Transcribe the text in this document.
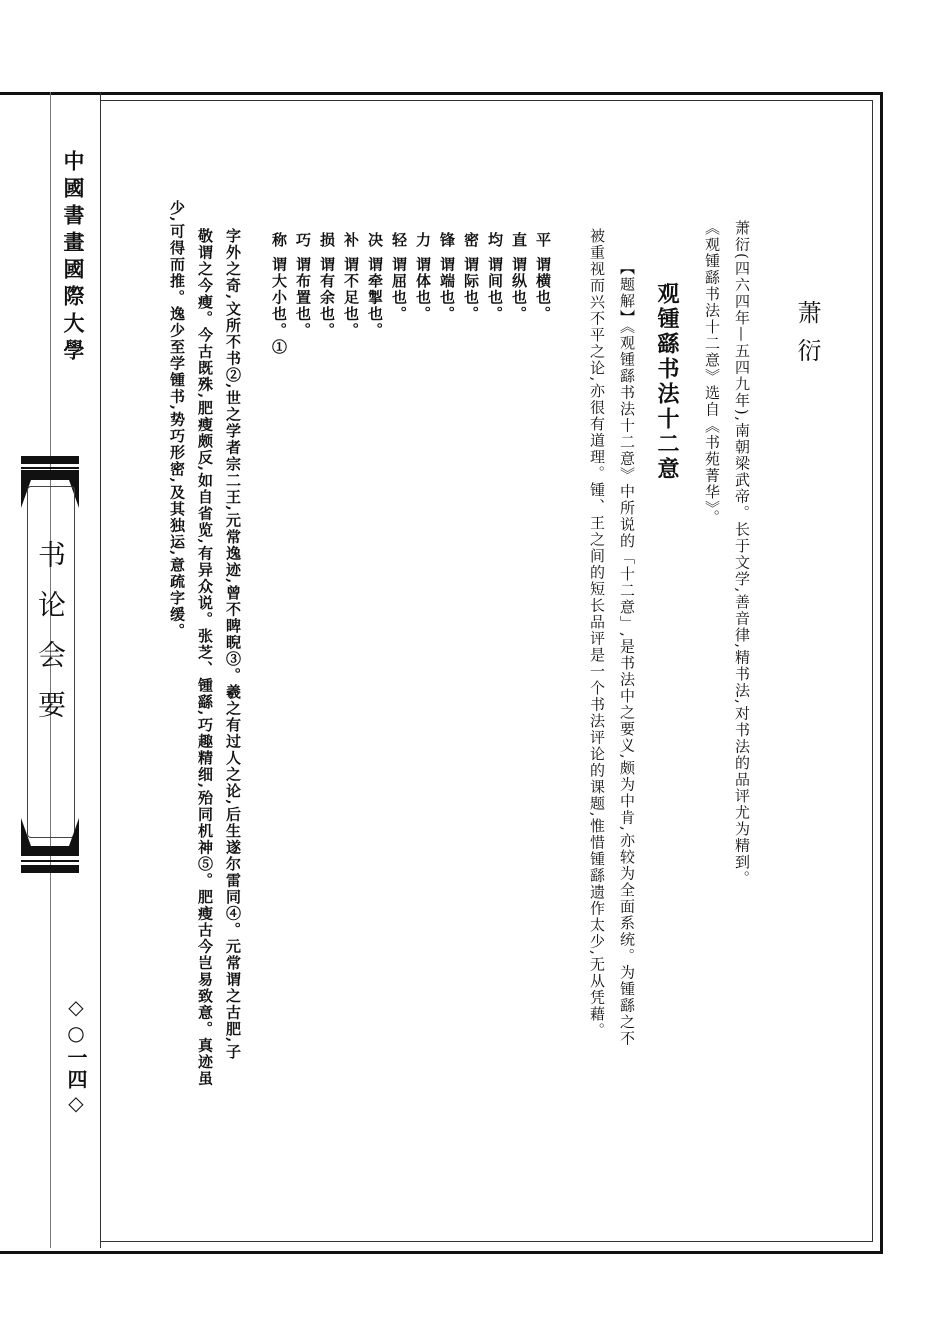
中國書畫國際大學
书论会要
◇○一四◇
萧衍
萧衍(四六四年—五四九年),南朝梁武帝。长于文学,善音律,精书法,对书法的品评尤为精到。
《观锺繇书法十二意》选自《书苑菁华》。
观锺繇书法十二意
【题解】《观锺繇书法十二意》中所说的「十二意」,是书法中之要义,颇为中肯,亦较为全面系统。为锺繇之不
被重视而兴不平之论,亦很有道理。锺、王之间的短长品评是一个书法评论的课题,惟惜锺繇遗作太少,无从凭藉。
平谓横也。
直谓纵也。
均谓间也。
密谓际也。
锋谓端也。
力谓体也。
轻谓屈也。
决谓牵掣也。
补谓不足也。
损谓有余也。
巧谓布置也。
称谓大小也。①
字外之奇,文所不书②,世之学者宗二王,元常逸迹,曾不睥睨③。羲之有过人之论,后生遂尔雷同④。元常谓之古肥,子
敬谓之今瘦。今古既殊,肥瘦颇反,如自省览,有异众说。张芝、锺繇,巧趣精细,殆同机神⑤。肥瘦古今岂易致意。真迹虽
少,可得而推。逸少至学锺书,势巧形密,及其独运,意疏字缓。
